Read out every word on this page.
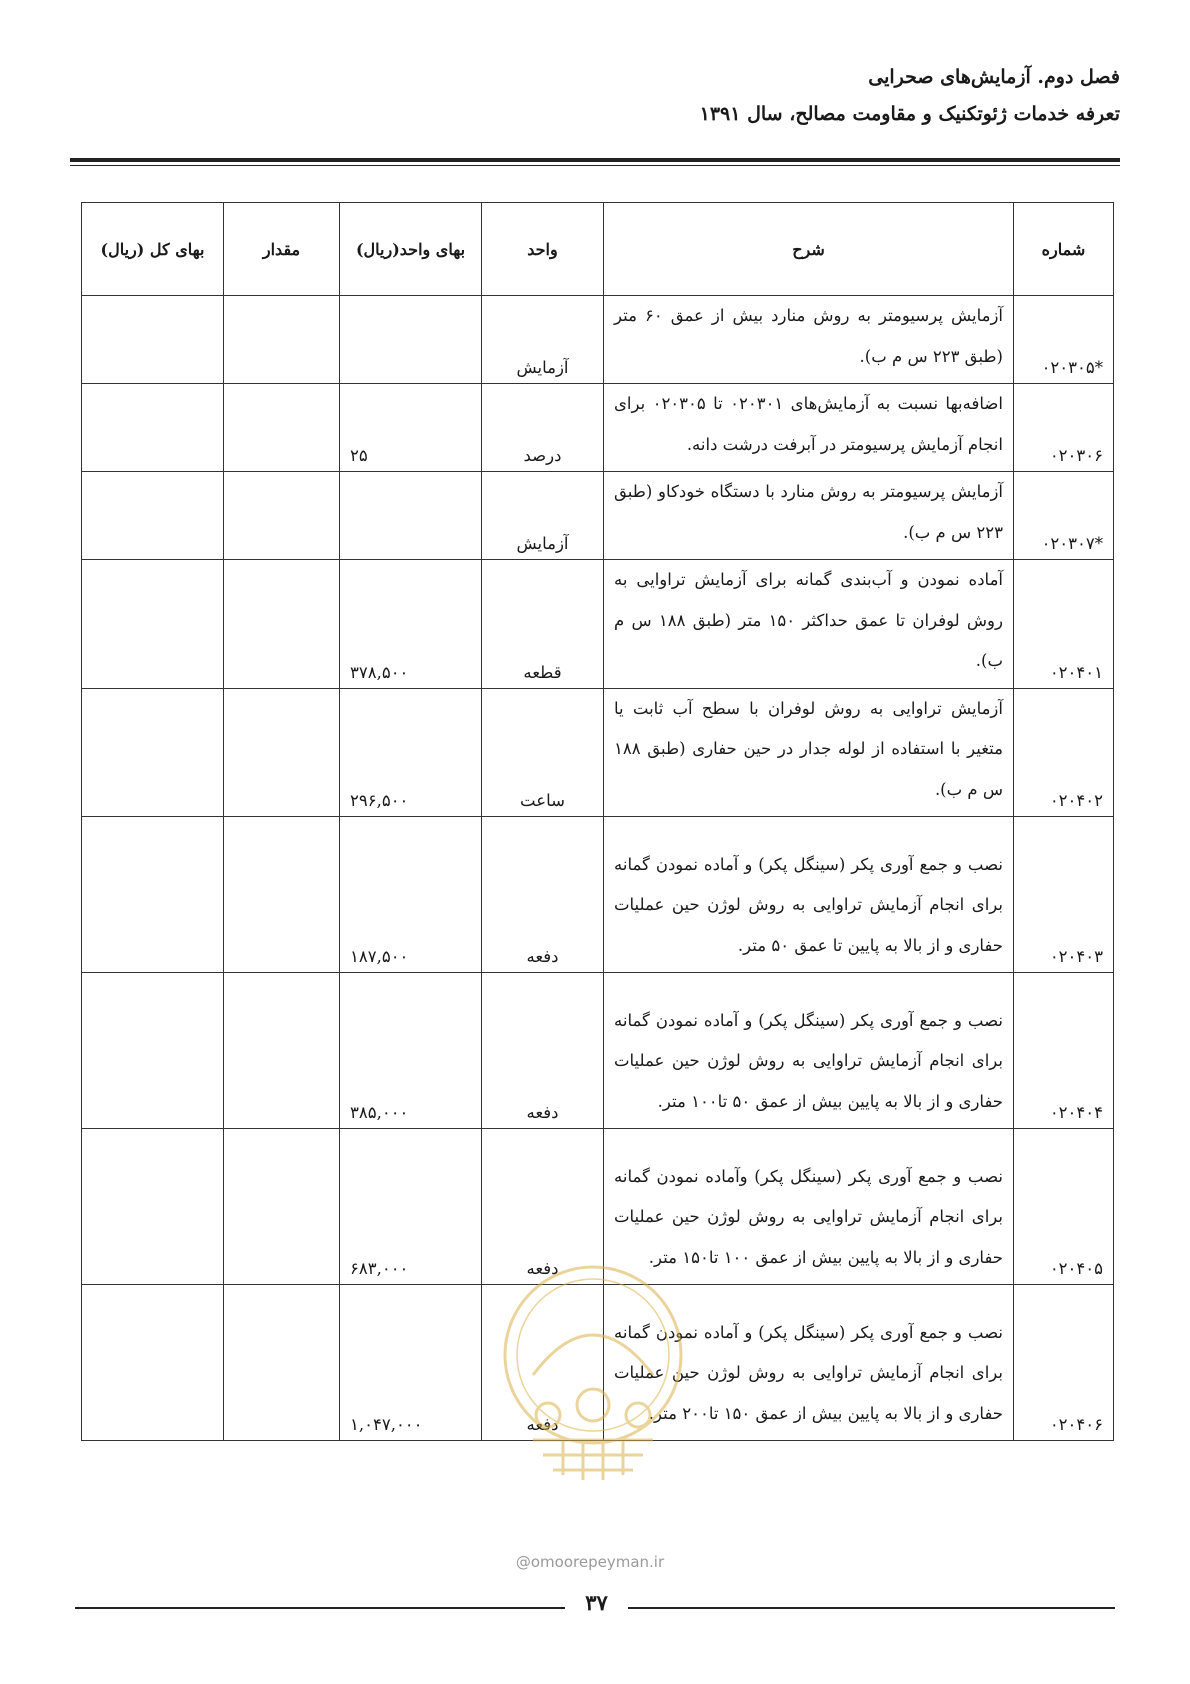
فصل دوم. آزمایش‌های صحرایی
تعرفه خدمات ژئوتکنیک و مقاومت مصالح، سال ۱۳۹۱
شماره	شرح	واحد	بهای واحد(ریال)	مقدار	بهای کل (ریال)
*۰۲۰۳۰۵	آزمایش پرسیومتر به روش منارد بیش از عمق ۶۰ متر (طبق ۲۲۳ س م ب).	آزمایش			
۰۲۰۳۰۶	اضافه‌بها نسبت به آزمایش‌های ۰۲۰۳۰۱ تا ۰۲۰۳۰۵ برای انجام آزمایش پرسیومتر در آبرفت درشت دانه.	درصد	۲۵		
*۰۲۰۳۰۷	آزمایش پرسیومتر به روش منارد با دستگاه خودکاو (طبق ۲۲۳ س م ب).	آزمایش			
۰۲۰۴۰۱	آماده نمودن و آب‌بندی گمانه برای آزمایش تراوایی به روش لوفران تا عمق حداکثر ۱۵۰ متر (طبق ۱۸۸ س م ب).	قطعه	۳۷۸,۵۰۰		
۰۲۰۴۰۲	آزمایش تراوایی به روش لوفران با سطح آب ثابت یا متغیر با استفاده از لوله جدار در حین حفاری (طبق ۱۸۸ س م ب).	ساعت	۲۹۶,۵۰۰		
۰۲۰۴۰۳	نصب و جمع آوری پکر (سینگل پکر) و آماده نمودن گمانه برای انجام آزمایش تراوایی به روش لوژن حین عملیات حفاری و از بالا به پایین تا عمق ۵۰ متر.	دفعه	۱۸۷,۵۰۰		
۰۲۰۴۰۴	نصب و جمع آوری پکر (سینگل پکر) و آماده نمودن گمانه برای انجام آزمایش تراوایی به روش لوژن حین عملیات حفاری و از بالا به پایین بیش از عمق ۵۰ تا۱۰۰ متر.	دفعه	۳۸۵,۰۰۰		
۰۲۰۴۰۵	نصب و جمع آوری پکر (سینگل پکر) وآماده نمودن گمانه برای انجام آزمایش تراوایی به روش لوژن حین عملیات حفاری و از بالا به پایین بیش از عمق ۱۰۰ تا۱۵۰ متر.	دفعه	۶۸۳,۰۰۰		
۰۲۰۴۰۶	نصب و جمع آوری پکر (سینگل پکر) و آماده نمودن گمانه برای انجام آزمایش تراوایی به روش لوژن حین عملیات حفاری و از بالا به پایین بیش از عمق ۱۵۰ تا۲۰۰ متر.	دفعه	۱,۰۴۷,۰۰۰		
@omoorepeyman.ir
۳۷
